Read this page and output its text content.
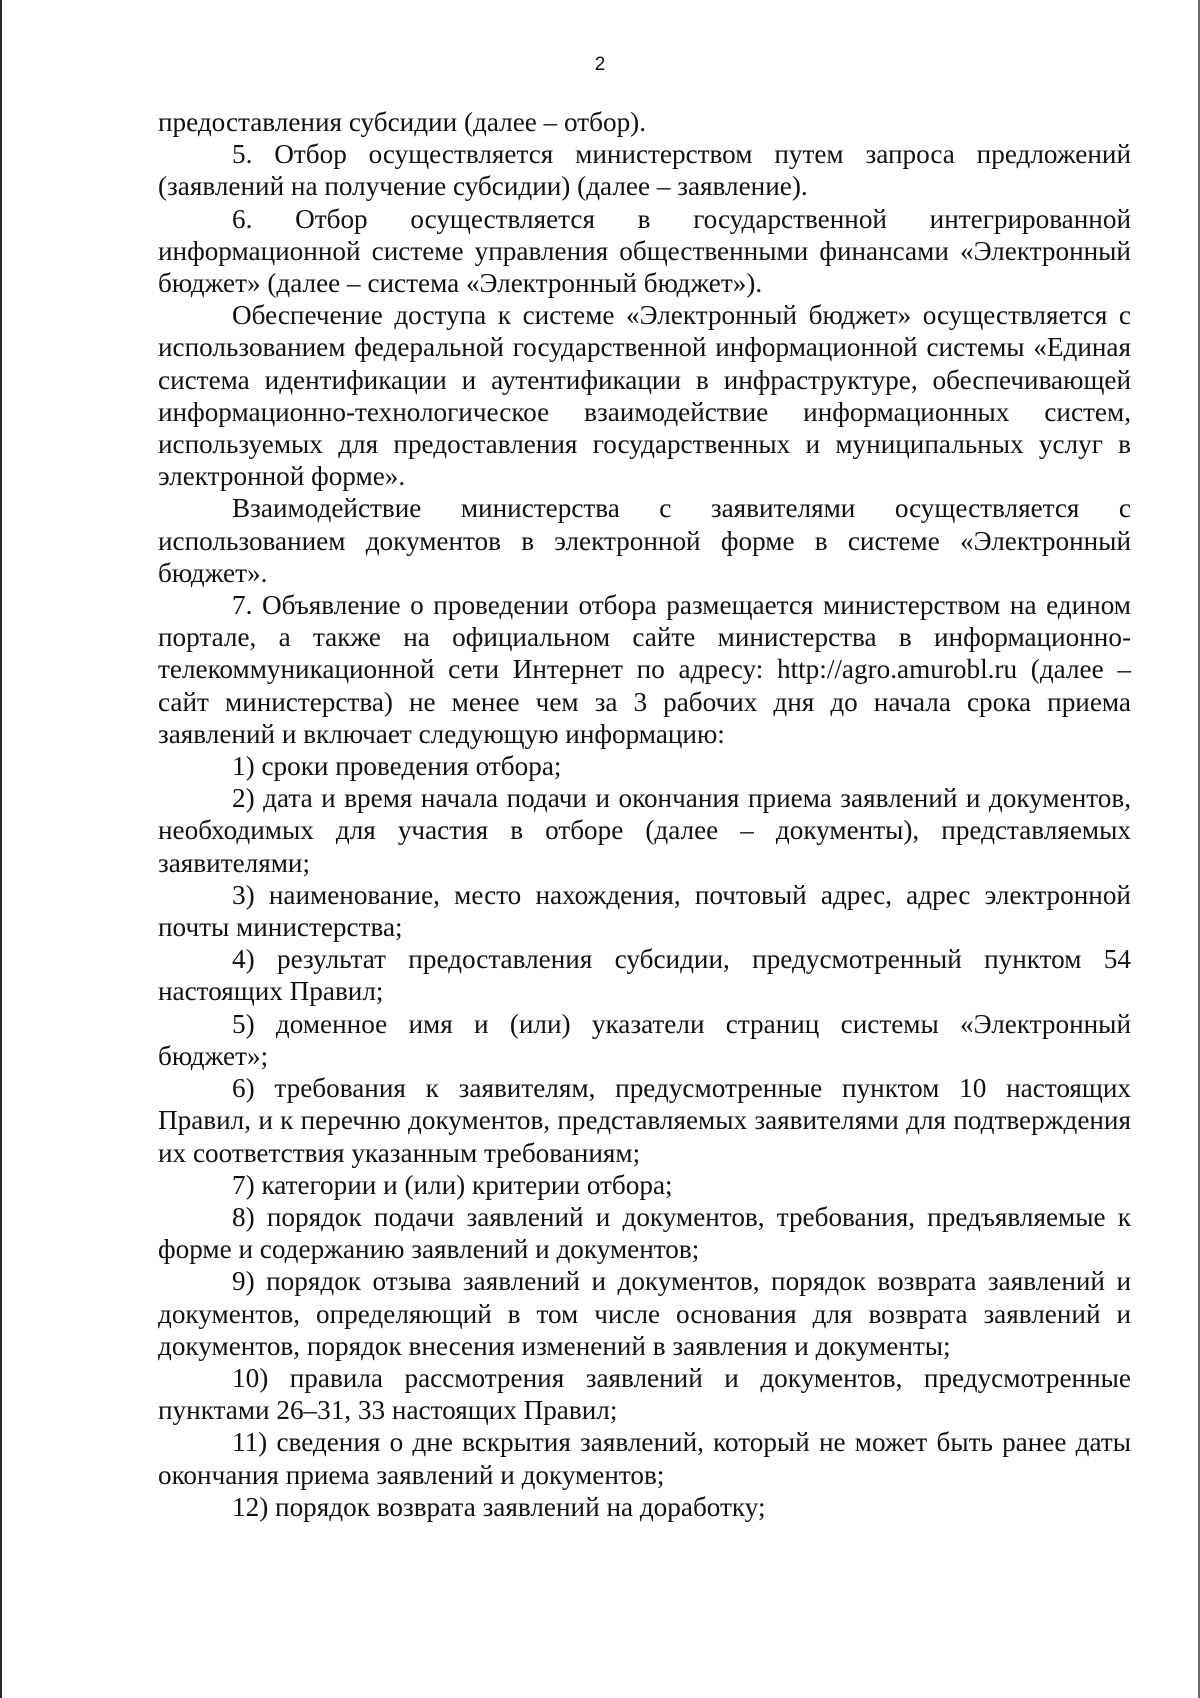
2

предоставления субсидии (далее – отбор).

5. Отбор осуществляется министерством путем запроса предложений (заявлений на получение субсидии) (далее – заявление).

6. Отбор осуществляется в государственной интегрированной информационной системе управления общественными финансами «Электронный бюджет» (далее – система «Электронный бюджет»).

Обеспечение доступа к системе «Электронный бюджет» осуществляется с использованием федеральной государственной информационной системы «Единая система идентификации и аутентификации в инфраструктуре, обеспечивающей информационно-технологическое взаимодействие информационных систем, используемых для предоставления государственных и муниципальных услуг в электронной форме».

Взаимодействие министерства с заявителями осуществляется с использованием документов в электронной форме в системе «Электронный бюджет».

7. Объявление о проведении отбора размещается министерством на едином портале, а также на официальном сайте министерства в информационно-телекоммуникационной сети Интернет по адресу: http://agro.amurobl.ru (далее – сайт министерства) не менее чем за 3 рабочих дня до начала срока приема заявлений и включает следующую информацию:

1) сроки проведения отбора;

2) дата и время начала подачи и окончания приема заявлений и документов, необходимых для участия в отборе (далее – документы), представляемых заявителями;

3) наименование, место нахождения, почтовый адрес, адрес электронной почты министерства;

4) результат предоставления субсидии, предусмотренный пунктом 54 настоящих Правил;

5) доменное имя и (или) указатели страниц системы «Электронный бюджет»;

6) требования к заявителям, предусмотренные пунктом 10 настоящих Правил, и к перечню документов, представляемых заявителями для подтверждения их соответствия указанным требованиям;

7) категории и (или) критерии отбора;

8) порядок подачи заявлений и документов, требования, предъявляемые к форме и содержанию заявлений и документов;

9) порядок отзыва заявлений и документов, порядок возврата заявлений и документов, определяющий в том числе основания для возврата заявлений и документов, порядок внесения изменений в заявления и документы;

10) правила рассмотрения заявлений и документов, предусмотренные пунктами 26–31, 33 настоящих Правил;

11) сведения о дне вскрытия заявлений, который не может быть ранее даты окончания приема заявлений и документов;

12) порядок возврата заявлений на доработку;
